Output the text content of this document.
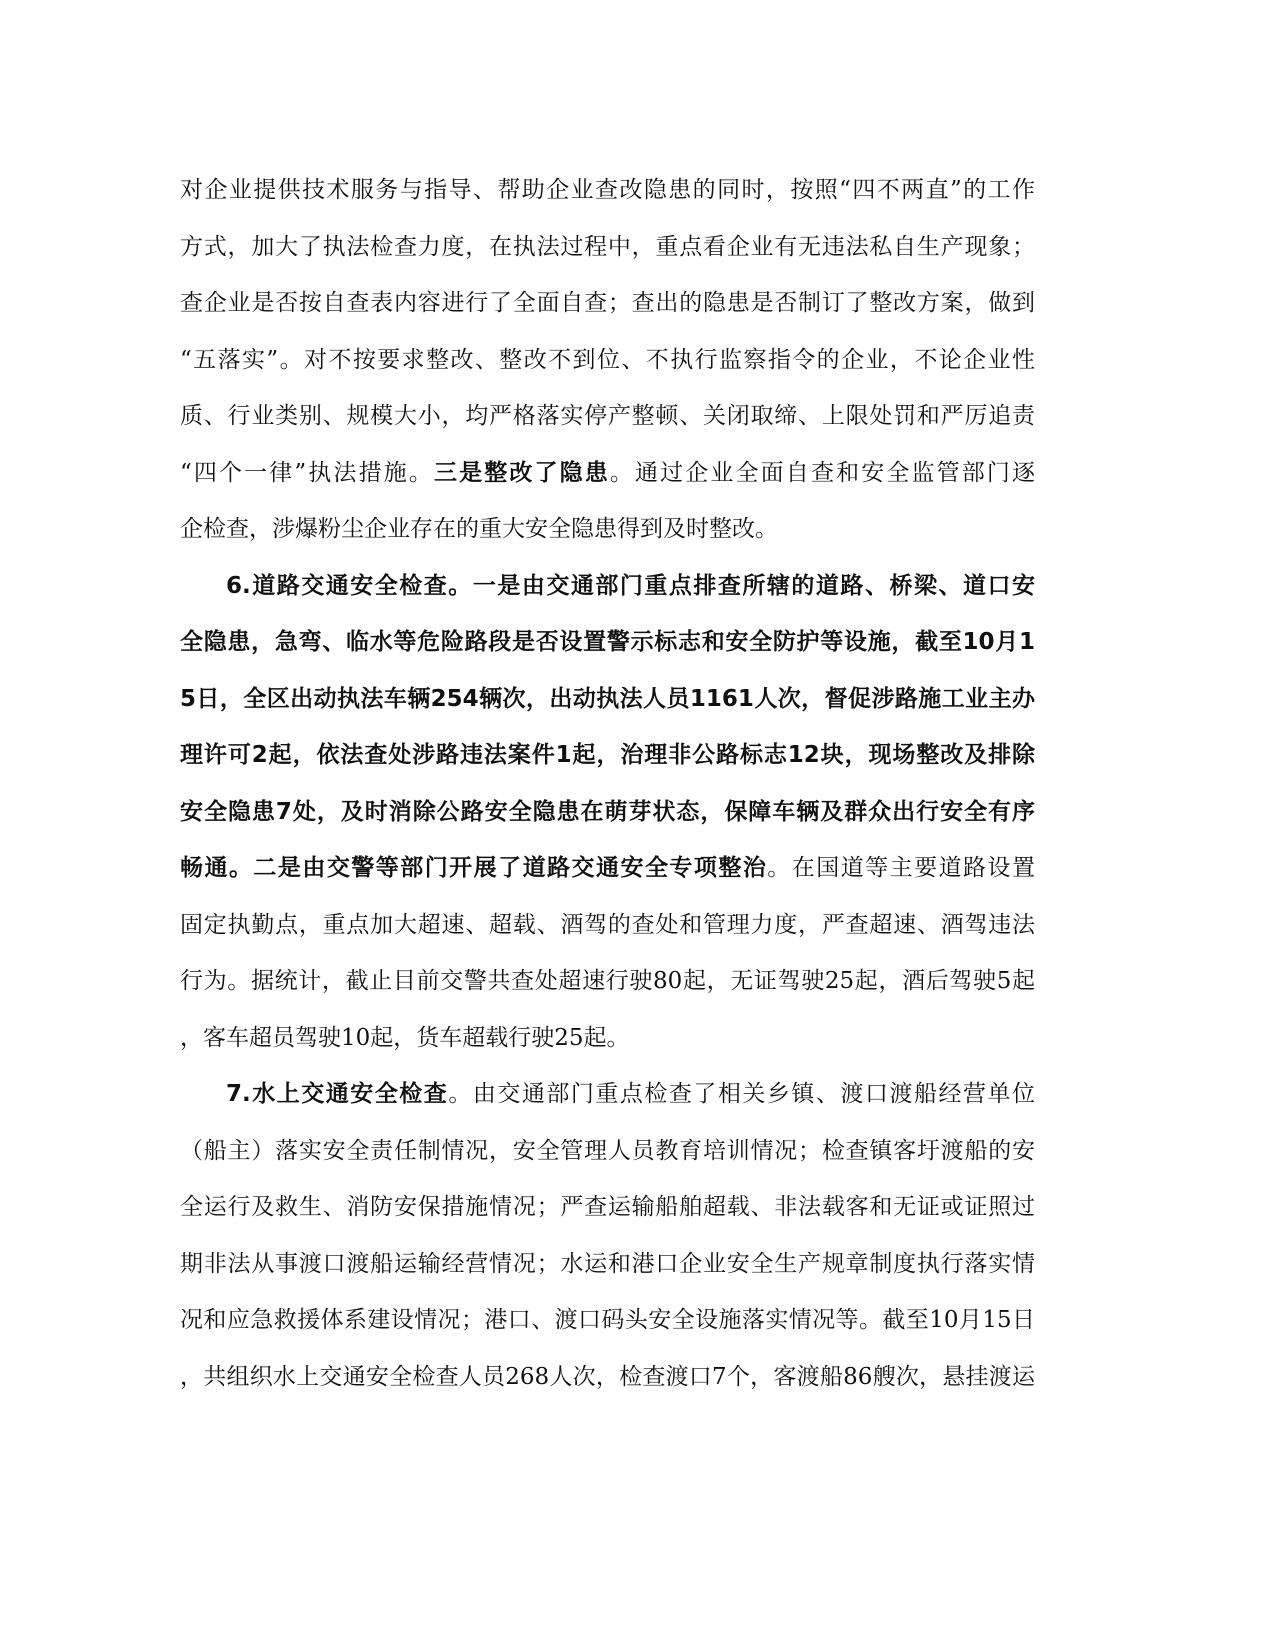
对企业提供技术服务与指导、帮助企业查改隐患的同时，按照“四不两直”的工作
方式，加大了执法检查力度，在执法过程中，重点看企业有无违法私自生产现象；
查企业是否按自查表内容进行了全面自查；查出的隐患是否制订了整改方案，做到
“五落实”。对不按要求整改、整改不到位、不执行监察指令的企业，不论企业性
质、行业类别、规模大小，均严格落实停产整顿、关闭取缔、上限处罚和严厉追责
“四个一律”执法措施。三是整改了隐患。通过企业全面自查和安全监管部门逐
企检查，涉爆粉尘企业存在的重大安全隐患得到及时整改。
6.道路交通安全检查。一是由交通部门重点排查所辖的道路、桥梁、道口安
全隐患，急弯、临水等危险路段是否设置警示标志和安全防护等设施，截至10月1
5日，全区出动执法车辆254辆次，出动执法人员1161人次，督促涉路施工业主办
理许可2起，依法查处涉路违法案件1起，治理非公路标志12块，现场整改及排除
安全隐患7处，及时消除公路安全隐患在萌芽状态，保障车辆及群众出行安全有序
畅通。二是由交警等部门开展了道路交通安全专项整治。在国道等主要道路设置
固定执勤点，重点加大超速、超载、酒驾的查处和管理力度，严查超速、酒驾违法
行为。据统计，截止目前交警共查处超速行驶80起，无证驾驶25起，酒后驾驶5起
，客车超员驾驶10起，货车超载行驶25起。
7.水上交通安全检查。由交通部门重点检查了相关乡镇、渡口渡船经营单位
（船主）落实安全责任制情况，安全管理人员教育培训情况；检查镇客圩渡船的安
全运行及救生、消防安保措施情况；严查运输船舶超载、非法载客和无证或证照过
期非法从事渡口渡船运输经营情况；水运和港口企业安全生产规章制度执行落实情
况和应急救援体系建设情况；港口、渡口码头安全设施落实情况等。截至10月15日
，共组织水上交通安全检查人员268人次，检查渡口7个，客渡船86艘次，悬挂渡运
